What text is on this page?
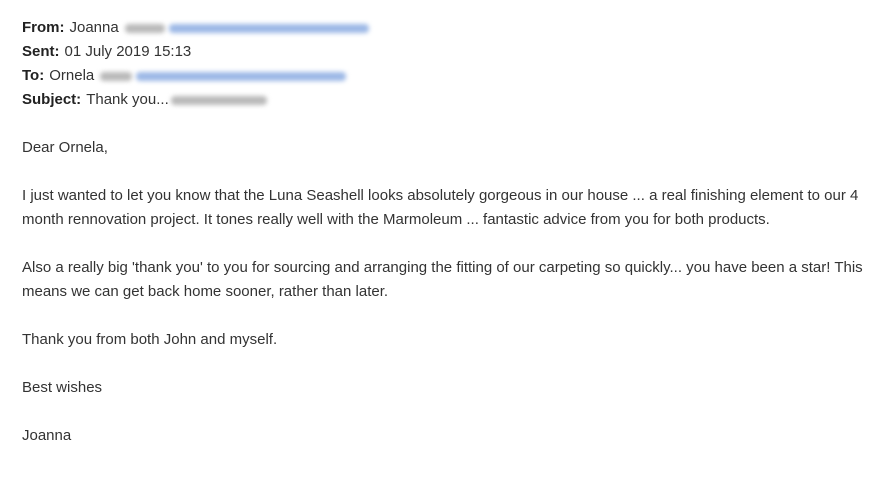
From: Joanna
Sent: 01 July 2019 15:13
To: Ornela
Subject: Thank you...
Dear Ornela,
I just wanted to let you know that the Luna Seashell looks absolutely gorgeous in our house ... a real finishing element to our 4 month rennovation project. It tones really well with the Marmoleum ... fantastic advice from you for both products.
Also a really big 'thank you' to you for sourcing and arranging the fitting of our carpeting so quickly... you have been a star! This means we can get back home sooner, rather than later.
Thank you from both John and myself.
Best wishes
Joanna
